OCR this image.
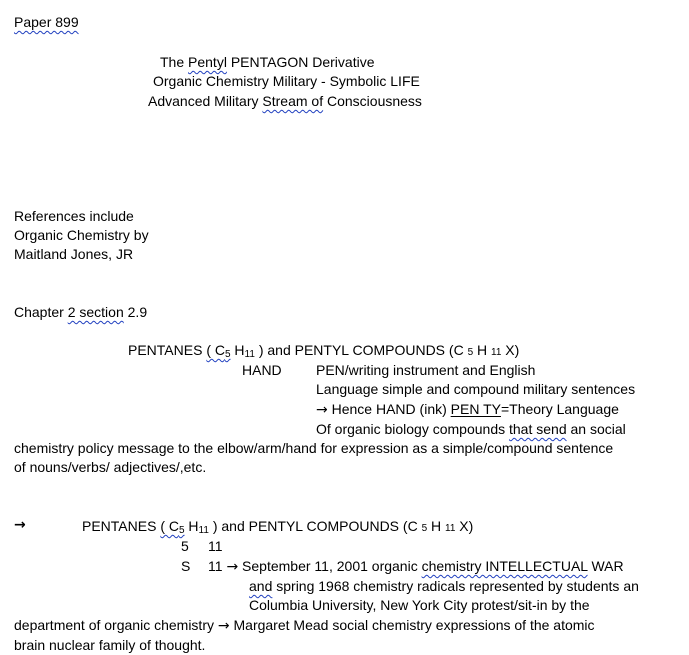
Paper 899
The Pentyl PENTAGON Derivative
Organic Chemistry Military - Symbolic LIFE
Advanced Military Stream of Consciousness
References include
Organic Chemistry by
Maitland Jones, JR
Chapter 2 section 2.9
PENTANES ( $C_5$ $H_{11}$ ) and PENTYL COMPOUNDS (C 5 H 11 X)
HAND PEN/writing instrument and English
Language simple and compound military sentences
→ Hence HAND (ink) PEN TY=Theory Language
Of organic biology compounds that send an social
chemistry policy message to the elbow/arm/hand for expression as a simple/compound sentence
of nouns/verbs/ adjectives/,etc.
→	PENTANES ( $C_5$ $H_{11}$ ) and PENTYL COMPOUNDS (C 5 H 11 X)
5 11
S 11 → September 11, 2001 organic chemistry INTELLECTUAL WAR
and spring 1968 chemistry radicals represented by students an
Columbia University, New York City protest/sit-in by the
department of organic chemistry → Margaret Mead social chemistry expressions of the atomic
brain nuclear family of thought.
